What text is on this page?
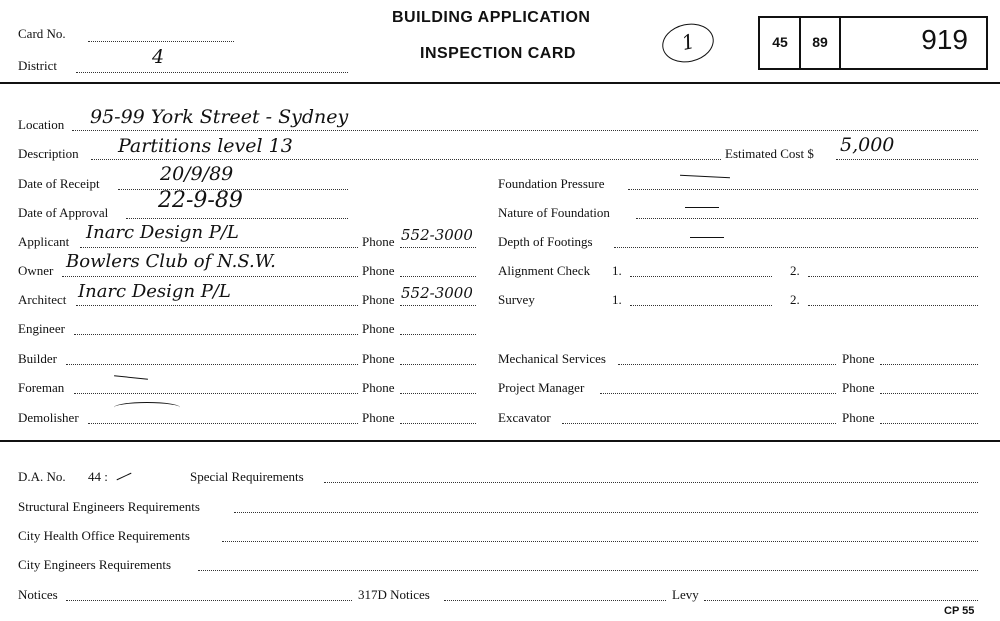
Card No.
District	4
BUILDING APPLICATION
INSPECTION CARD	1	45	89	919
Location 95-99 York Street - Sydney
Description Partitions level 13	Estimated Cost $ 5,000
Date of Receipt	20/9/89
Date of Approval 22-9-89
Foundation Pressure
Nature of Foundation
Depth of Footings
Alignment Check 1.	2.
Survey	1.	2.
Applicant Inarc Design P/L	Phone 552-3000
Owner Bowlers Club of N.S.W.	Phone
Architect Inarc Design P/L	Phone 552-3000
Engineer	Phone
Builder	Phone	Mechanical Services	Phone
Foreman	Phone	Project Manager	Phone
Demolisher	Phone	Excavator	Phone
D.A. No. 44 :	Special Requirements
Structural Engineers Requirements
City Health Office Requirements
City Engineers Requirements
Notices	317D Notices	Levy
CP 55
